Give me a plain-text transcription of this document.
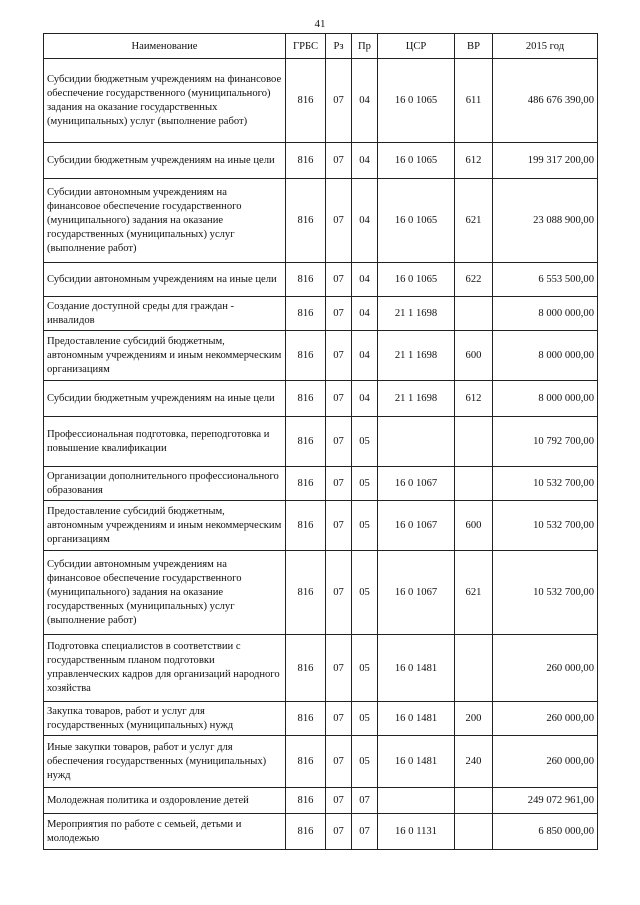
41
Наименование	ГРБС	Рз	Пр	ЦСР	ВР	2015 год
Субсидии бюджетным учреждениям на финансовое обеспечение государственного (муниципального) задания на оказание государственных (муниципальных) услуг (выполнение работ)	816	07	04	16 0 1065	611	486 676 390,00
Субсидии бюджетным учреждениям на иные цели	816	07	04	16 0 1065	612	199 317 200,00
Субсидии автономным учреждениям на финансовое обеспечение государственного (муниципального) задания на оказание государственных (муниципальных) услуг (выполнение работ)	816	07	04	16 0 1065	621	23 088 900,00
Субсидии автономным учреждениям на иные цели	816	07	04	16 0 1065	622	6 553 500,00
Создание доступной среды для граждан - инвалидов	816	07	04	21 1 1698		8 000 000,00
Предоставление субсидий бюджетным, автономным учреждениям и иным некоммерческим организациям	816	07	04	21 1 1698	600	8 000 000,00
Субсидии бюджетным учреждениям на иные цели	816	07	04	21 1 1698	612	8 000 000,00
Профессиональная подготовка, переподготовка и повышение квалификации	816	07	05			10 792 700,00
Организации дополнительного профессионального образования	816	07	05	16 0 1067		10 532 700,00
Предоставление субсидий бюджетным, автономным учреждениям и иным некоммерческим организациям	816	07	05	16 0 1067	600	10 532 700,00
Субсидии автономным учреждениям на финансовое обеспечение государственного (муниципального) задания на оказание государственных (муниципальных) услуг (выполнение работ)	816	07	05	16 0 1067	621	10 532 700,00
Подготовка специалистов в соответствии с государственным планом подготовки управленческих кадров для организаций народного хозяйства	816	07	05	16 0 1481		260 000,00
Закупка товаров, работ и услуг для государственных (муниципальных) нужд	816	07	05	16 0 1481	200	260 000,00
Иные закупки товаров, работ и услуг для обеспечения государственных (муниципальных) нужд	816	07	05	16 0 1481	240	260 000,00
Молодежная политика и оздоровление детей	816	07	07			249 072 961,00
Мероприятия по работе с семьей, детьми и молодежью	816	07	07	16 0 1131		6 850 000,00
